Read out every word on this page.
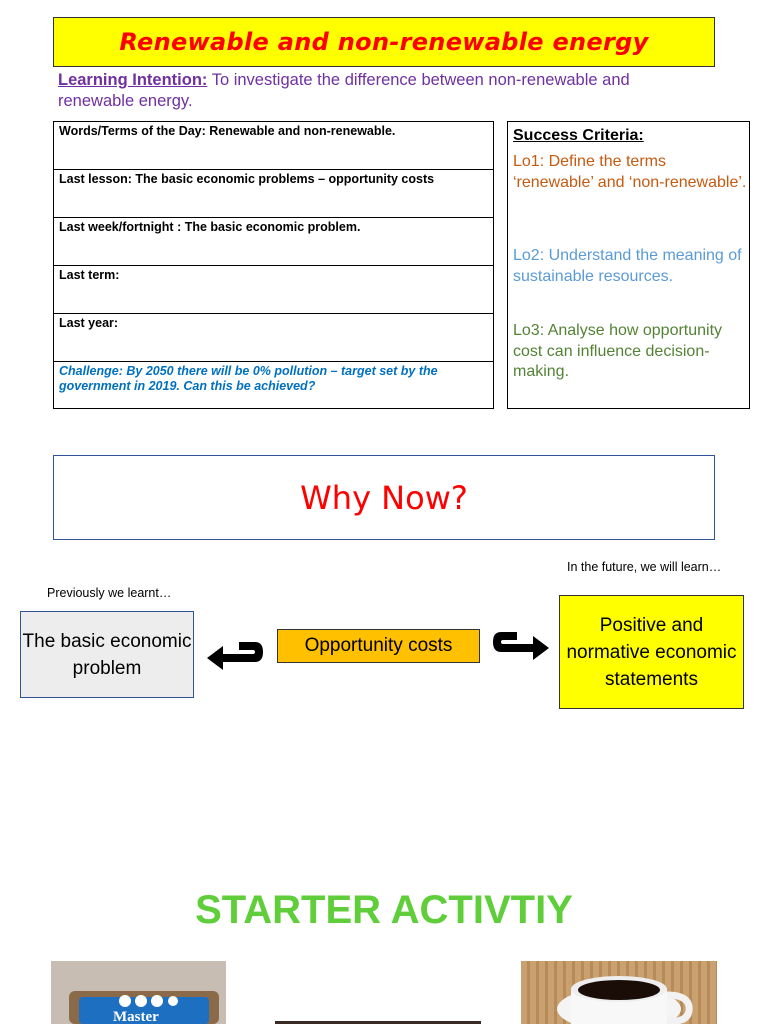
Renewable and non-renewable energy
Learning Intention: To investigate the difference between non-renewable and renewable energy.
Words/Terms of the Day: Renewable and non-renewable.
Last lesson: The basic economic problems – opportunity costs
Last week/fortnight : The basic economic problem.
Last term:
Last year:
Challenge: By 2050 there will be 0% pollution – target set by the government in 2019. Can this be achieved?
Success Criteria:
Lo1: Define the terms ‘renewable’ and ‘non-renewable’.
Lo2: Understand the meaning of sustainable resources.
Lo3: Analyse how opportunity cost can influence decision-making.
Why Now?
Previously we learnt…
In the future, we will learn…
The basic economic problem
Opportunity costs
Positive and normative economic statements
STARTER ACTIVTIY
Master
